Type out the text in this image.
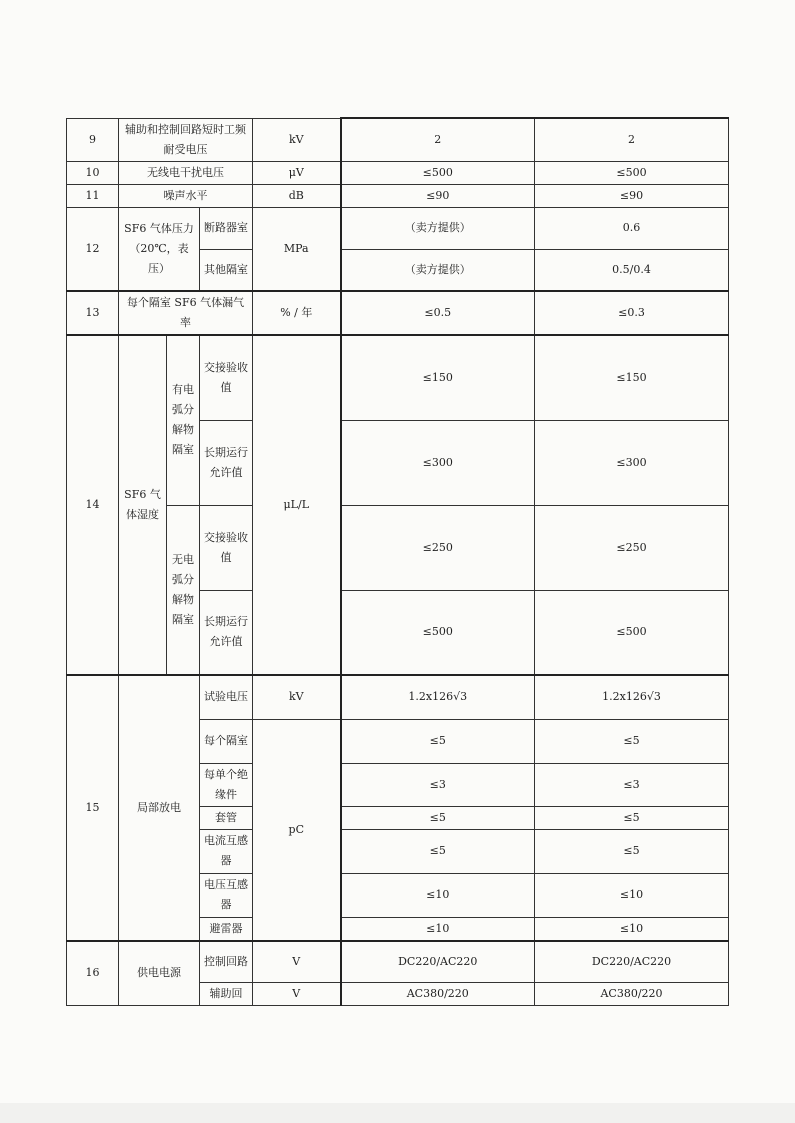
9	辅助和控制回路短时工频耐受电压			kV	2	2
10	无线电干扰电压			μV	≤500	≤500
11	噪声水平			dB	≤90	≤90
12	SF6 气体压力（20℃，表压）		断路器室	MPa	（卖方提供）	0.6
			其他隔室		（卖方提供）	0.5/0.4
13	每个隔室 SF6 气体漏气率			% / 年	≤0.5	≤0.3
14	SF6 气体湿度	有电弧分解物隔室	交接验收值	μL/L	≤150	≤150
			长期运行允许值		≤300	≤300
		无电弧分解物隔室	交接验收值		≤250	≤250
			长期运行允许值		≤500	≤500
15	局部放电		试验电压	kV	1.2x126√3	1.2x126√3
			每个隔室	pC	≤5	≤5
			每单个绝缘件		≤3	≤3
			套管		≤5	≤5
			电流互感器		≤5	≤5
			电压互感器		≤10	≤10
			避雷器		≤10	≤10
16	供电电源		控制回路	V	DC220/AC220	DC220/AC220
			辅助回	V	AC380/220	AC380/220
